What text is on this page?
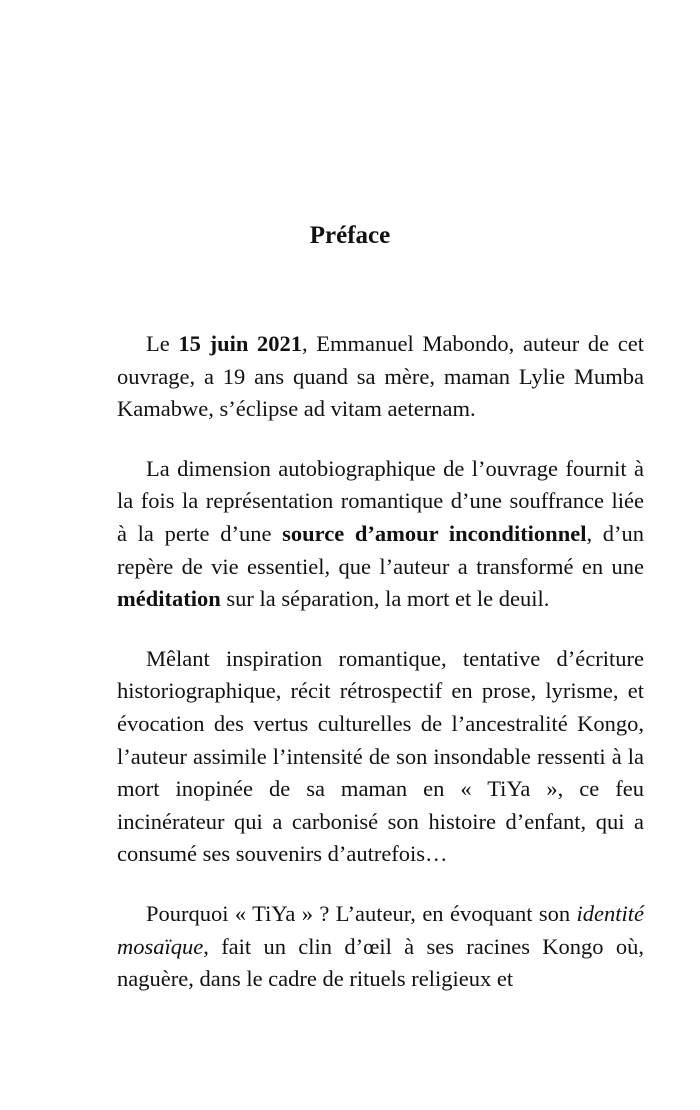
Préface

Le 15 juin 2021, Emmanuel Mabondo, auteur de cet ouvrage, a 19 ans quand sa mère, maman Lylie Mumba Kamabwe, s’éclipse ad vitam aeternam.

La dimension autobiographique de l’ouvrage fournit à la fois la représentation romantique d’une souffrance liée à la perte d’une source d’amour inconditionnel, d’un repère de vie essentiel, que l’auteur a transformé en une méditation sur la séparation, la mort et le deuil.

Mêlant inspiration romantique, tentative d’écriture historiographique, récit rétrospectif en prose, lyrisme, et évocation des vertus culturelles de l’ancestralité Kongo, l’auteur assimile l’intensité de son insondable ressenti à la mort inopinée de sa maman en « TiYa », ce feu incinérateur qui a carbonisé son histoire d’enfant, qui a consumé ses souvenirs d’autrefois…

Pourquoi « TiYa » ? L’auteur, en évoquant son identité mosaïque, fait un clin d’œil à ses racines Kongo où, naguère, dans le cadre de rituels religieux et
